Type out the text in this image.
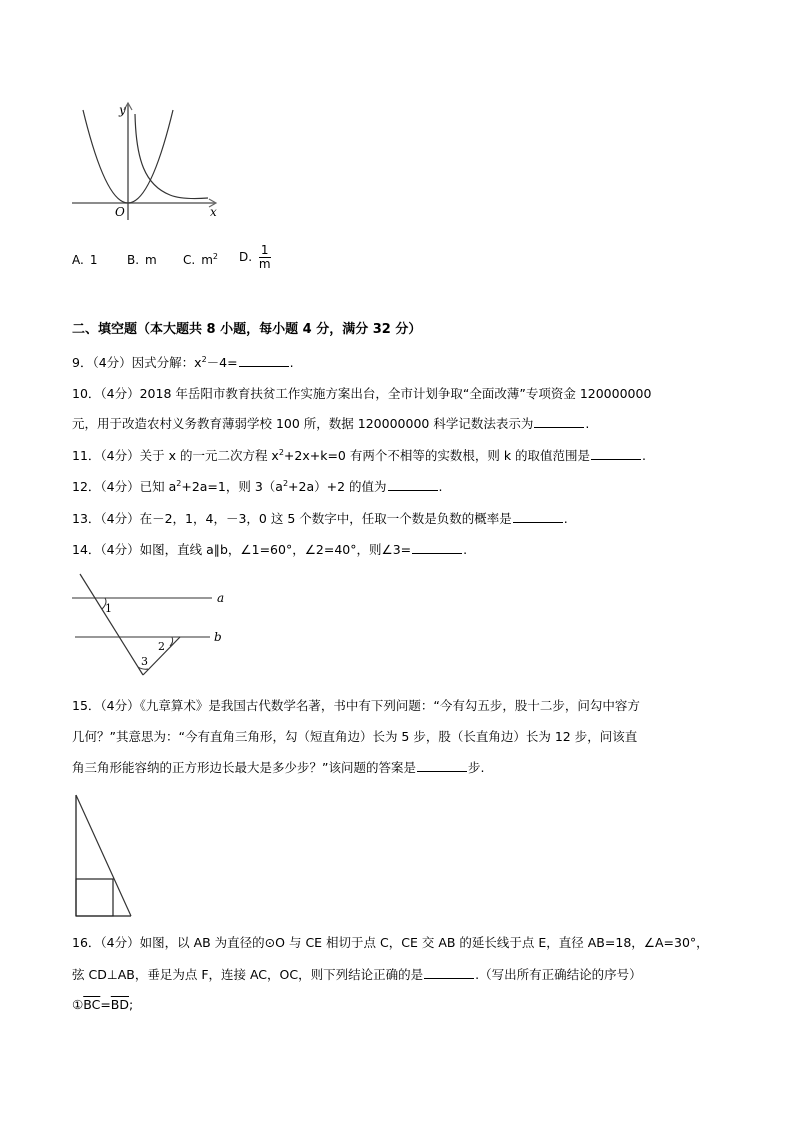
y
x
O
A. 1 B. m C. $m^2$ D. $\frac{1}{m}$
二、填空题（本大题共 8 小题，每小题 4 分，满分 32 分）
9．（4分）因式分解：$x^2-4=$	.
10．（4分）2018 年岳阳市教育扶贫工作实施方案出台，全市计划争取“全面改薄”专项资金 120000000
元，用于改造农村义务教育薄弱学校 100 所，数据 120000000 科学记数法表示为	.
11．（4分）关于 x 的一元二次方程 $x^2+2x+k=0$ 有两个不相等的实数根，则 k 的取值范围是	.
12．（4分）已知 $a^2+2a=1$，则 $3(a^2+2a)+2$ 的值为	.
13．（4分）在－2，1，4，－3，0 这 5 个数字中，任取一个数是负数的概率是	.
14．（4分）如图，直线 a∥b，∠1=60°，∠2=40°，则∠3=	.
a
b
1
2
3
15．（4分）《九章算术》是我国古代数学名著，书中有下列问题：“今有勾五步，股十二步，问勾中容方
几何？”其意思为：“今有直角三角形，勾（短直角边）长为 5 步，股（长直角边）长为 12 步，问该直
角三角形能容纳的正方形边长最大是多少步？”该问题的答案是	步.
16．（4分）如图，以 AB 为直径的⊙O 与 CE 相切于点 C，CE 交 AB 的延长线于点 E，直径 AB=18，∠A=30°，
弦 CD⊥AB，垂足为点 F，连接 AC，OC，则下列结论正确的是	.（写出所有正确结论的序号）
$①\overline{BC}=\overline{BD}$;
